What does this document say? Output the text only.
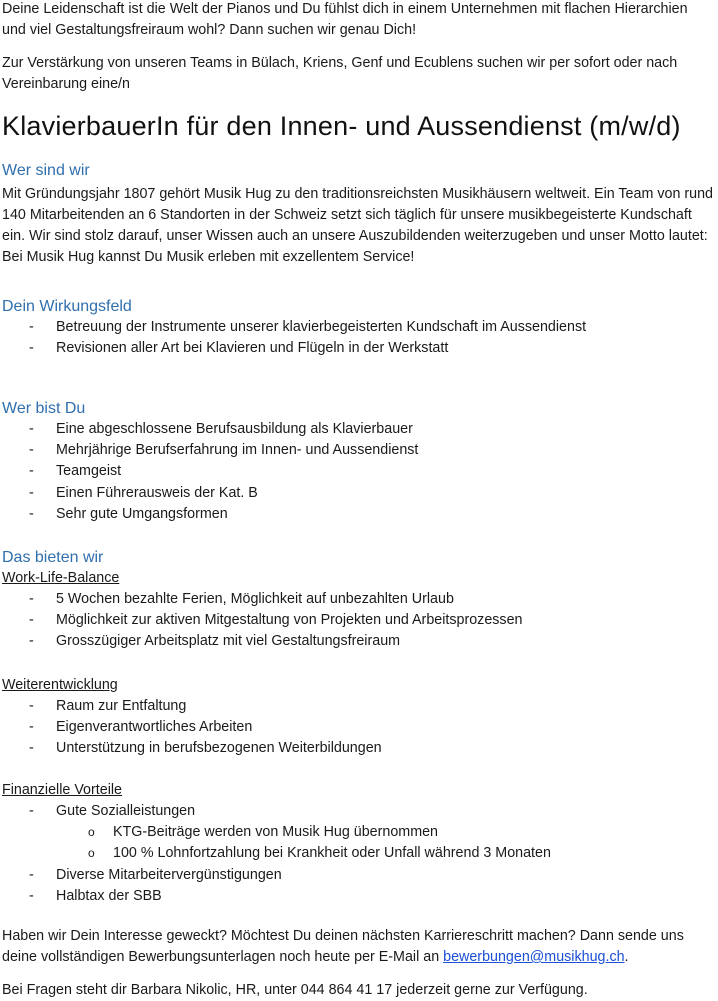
Deine Leidenschaft ist die Welt der Pianos und Du fühlst dich in einem Unternehmen mit flachen Hierarchien und viel Gestaltungsfreiraum wohl? Dann suchen wir genau Dich!

Zur Verstärkung von unseren Teams in Bülach, Kriens, Genf und Ecublens suchen wir per sofort oder nach Vereinbarung eine/n

KlavierbauerIn für den Innen- und Aussendienst (m/w/d)
Wer sind wir

Mit Gründungsjahr 1807 gehört Musik Hug zu den traditionsreichsten Musikhäusern weltweit. Ein Team von rund 140 Mitarbeitenden an 6 Standorten in der Schweiz setzt sich täglich für unsere musikbegeisterte Kundschaft ein. Wir sind stolz darauf, unser Wissen auch an unsere Auszubildenden weiterzugeben und unser Motto lautet: Bei Musik Hug kannst Du Musik erleben mit exzellentem Service!

Dein Wirkungsfeld
- Betreuung der Instrumente unserer klavierbegeisterten Kundschaft im Aussendienst
- Revisionen aller Art bei Klavieren und Flügeln in der Werkstatt
Wer bist Du
- Eine abgeschlossene Berufsausbildung als Klavierbauer
- Mehrjährige Berufserfahrung im Innen- und Aussendienst
- Teamgeist
- Einen Führerausweis der Kat. B
- Sehr gute Umgangsformen
Das bieten wir
Work-Life-Balance
- 5 Wochen bezahlte Ferien, Möglichkeit auf unbezahlten Urlaub
- Möglichkeit zur aktiven Mitgestaltung von Projekten und Arbeitsprozessen
- Grosszügiger Arbeitsplatz mit viel Gestaltungsfreiraum
Weiterentwicklung
- Raum zur Entfaltung
- Eigenverantwortliches Arbeiten
- Unterstützung in berufsbezogenen Weiterbildungen
Finanzielle Vorteile
- Gute Sozialleistungen
o KTG-Beiträge werden von Musik Hug übernommen
o 100 % Lohnfortzahlung bei Krankheit oder Unfall während 3 Monaten
- Diverse Mitarbeitervergünstigungen
- Halbtax der SBB

Haben wir Dein Interesse geweckt? Möchtest Du deinen nächsten Karriereschritt machen? Dann sende uns deine vollständigen Bewerbungsunterlagen noch heute per E-Mail an bewerbungen@musikhug.ch.

Bei Fragen steht dir Barbara Nikolic, HR, unter 044 864 41 17 jederzeit gerne zur Verfügung.
